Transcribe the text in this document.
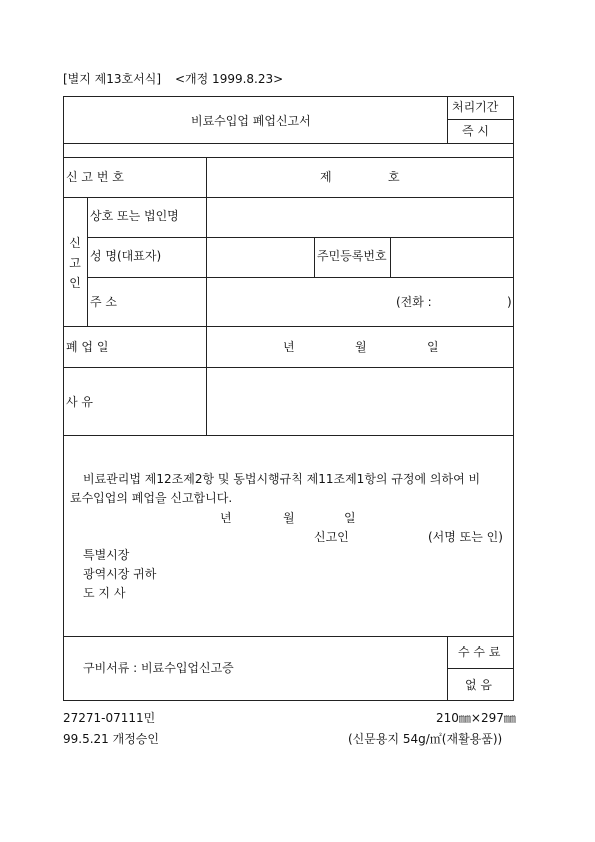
[별지 제13호서식] <개정 1999.8.23>
비료수입업 폐업신고서
처리기간
즉 시
신 고 번 호	제	호
신
고
인
상호 또는 법인명
성 명(대표자)	주민등록번호
주 소	(전화 :	)
폐 업 일	년	월	일
사 유
비료관리법 제12조제2항 및 동법시행규칙 제11조제1항의 규정에 의하여 비
료수입업의 폐업을 신고합니다.
년	월	일
신고인	(서명 또는 인)
특별시장
광역시장 귀하
도 지 사
구비서류 : 비료수입업신고증
수 수 료
없 음
27271-07111민
99.5.21 개정승인
210㎜×297㎜
(신문용지 54g/㎡(재활용품))
